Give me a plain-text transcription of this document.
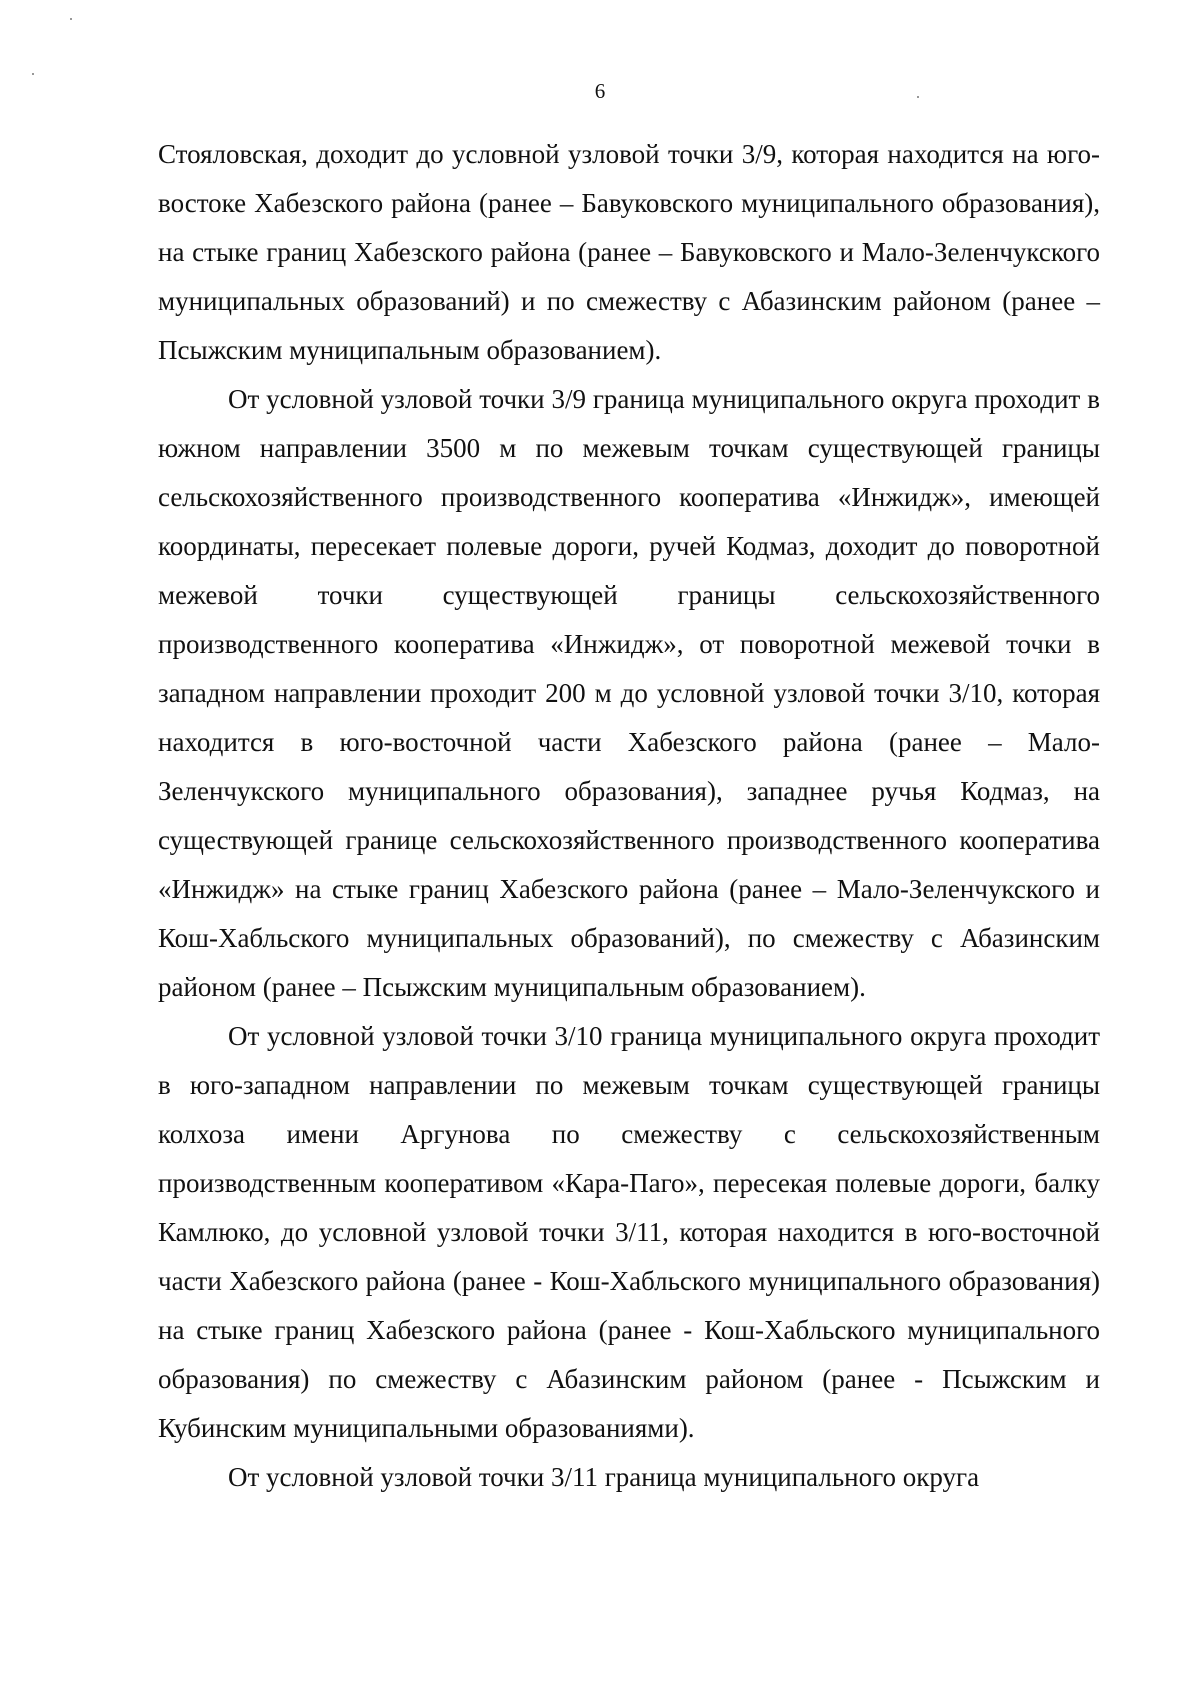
6

Стояловская, доходит до условной узловой точки 3/9, которая находится на юго-востоке Хабезского района (ранее – Бавуковского муниципального образования), на стыке границ Хабезского района (ранее – Бавуковского и Мало-Зеленчукского муниципальных образований) и по смежеству с Абазинским районом (ранее – Псыжским муниципальным образованием).

От условной узловой точки 3/9 граница муниципального округа проходит в южном направлении 3500 м по межевым точкам существующей границы сельскохозяйственного производственного кооператива «Инжидж», имеющей координаты, пересекает полевые дороги, ручей Кодмаз, доходит до поворотной межевой точки существующей границы сельскохозяйственного производственного кооператива «Инжидж», от поворотной межевой точки в западном направлении проходит 200 м до условной узловой точки 3/10, которая находится в юго-восточной части Хабезского района (ранее – Мало-Зеленчукского муниципального образования), западнее ручья Кодмаз, на существующей границе сельскохозяйственного производственного кооператива «Инжидж» на стыке границ Хабезского района (ранее – Мало-Зеленчукского и Кош-Хабльского муниципальных образований), по смежеству с Абазинским районом (ранее – Псыжским муниципальным образованием).

От условной узловой точки 3/10 граница муниципального округа проходит в юго-западном направлении по межевым точкам существующей границы колхоза имени Аргунова по смежеству с сельскохозяйственным производственным кооперативом «Кара-Паго», пересекая полевые дороги, балку Камлюко, до условной узловой точки 3/11, которая находится в юго-восточной части Хабезского района (ранее - Кош-Хабльского муниципального образования) на стыке границ Хабезского района (ранее - Кош-Хабльского муниципального образования) по смежеству с Абазинским районом (ранее - Псыжским и Кубинским муниципальными образованиями).

От условной узловой точки 3/11 граница муниципального округа
